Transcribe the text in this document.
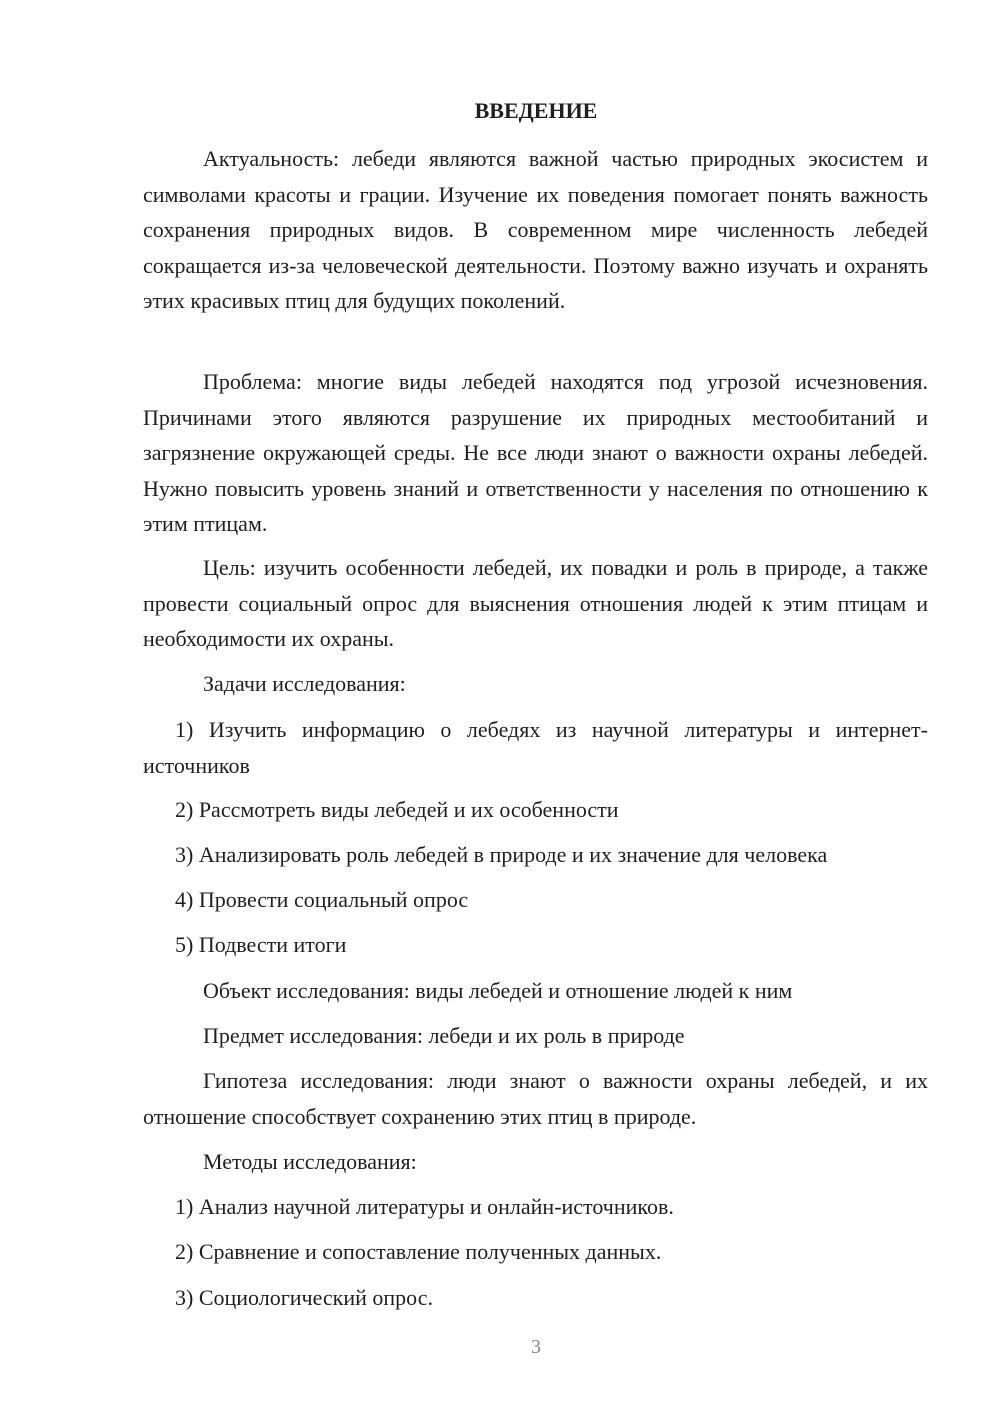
ВВЕДЕНИЕ

Актуальность: лебеди являются важной частью природных экосистем и символами красоты и грации. Изучение их поведения помогает понять важность сохранения природных видов. В современном мире численность лебедей сокращается из-за человеческой деятельности. Поэтому важно изучать и охранять этих красивых птиц для будущих поколений.

Проблема: многие виды лебедей находятся под угрозой исчезновения. Причинами этого являются разрушение их природных местообитаний и загрязнение окружающей среды. Не все люди знают о важности охраны лебедей. Нужно повысить уровень знаний и ответственности у населения по отношению к этим птицам.

Цель: изучить особенности лебедей, их повадки и роль в природе, а также провести социальный опрос для выяснения отношения людей к этим птицам и необходимости их охраны.

Задачи исследования:

1) Изучить информацию о лебедях из научной литературы и интернет-источников

2) Рассмотреть виды лебедей и их особенности
3) Анализировать роль лебедей в природе и их значение для человека
4) Провести социальный опрос
5) Подвести итоги
Объект исследования: виды лебедей и отношение людей к ним
Предмет исследования: лебеди и их роль в природе

Гипотеза исследования: люди знают о важности охраны лебедей, и их отношение способствует сохранению этих птиц в природе.

Методы исследования:
1) Анализ научной литературы и онлайн-источников.
2) Сравнение и сопоставление полученных данных.
3) Социологический опрос.
3
